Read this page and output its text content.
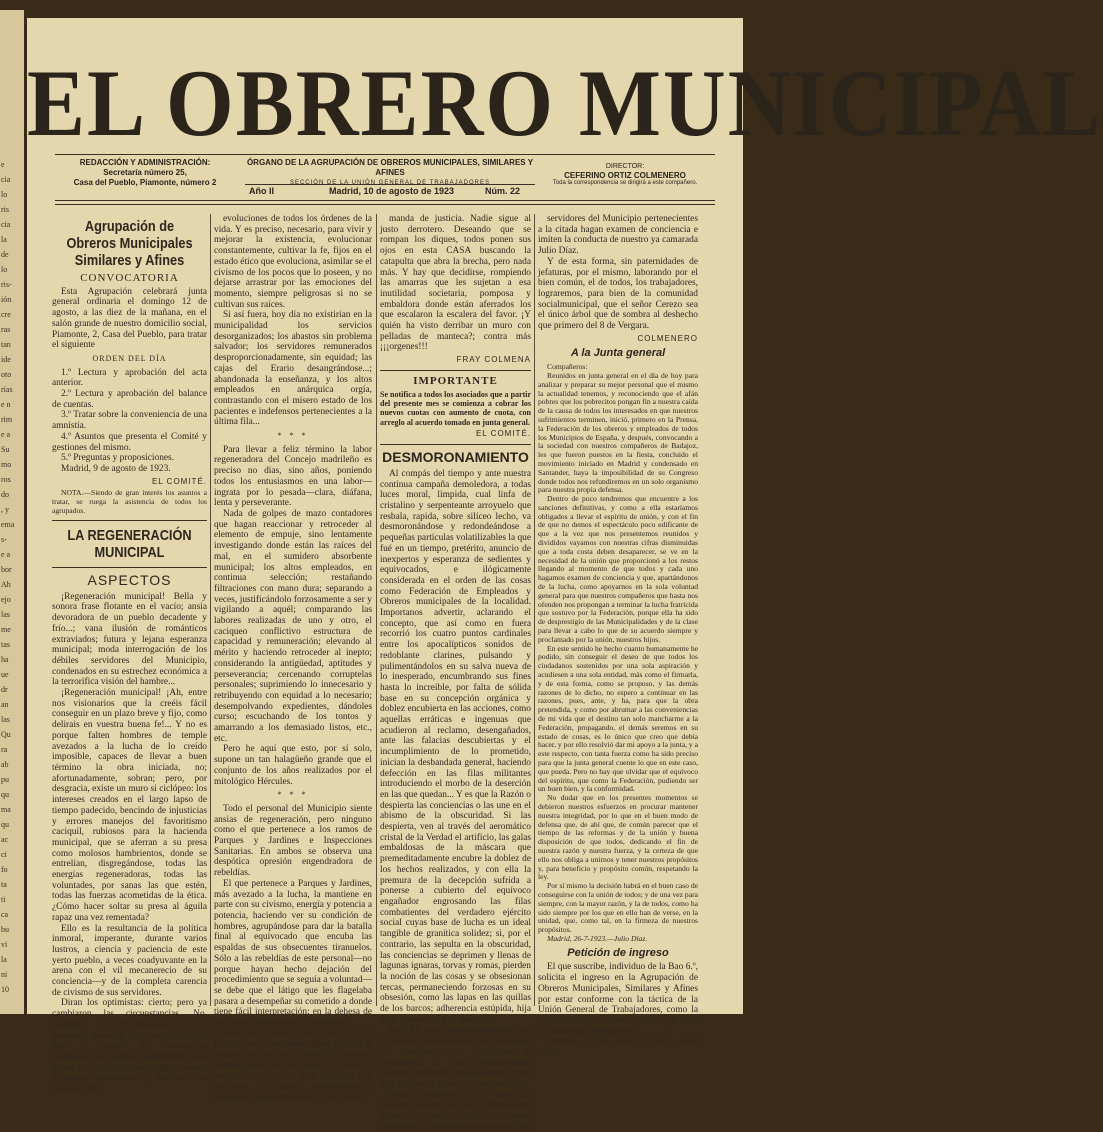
e
cia
lo
ris
cia
la
de
lo
ris-
ión
cre
ras
tan
ide
oto
rías
e n
rim
e a
Su
mo
ros
do
, y
ema
s-
e a
bor
Ah
ejo
las
me
tas
ha
ue
dr
an
las
Qu
ra
ab
pu
qu
ma
qu
ac
ci
fo
ta
ti
ca
bu
vi
la
ni
10
EL OBRERO MUNICIPAL
REDACCIÓN Y ADMINISTRACIÓN:
Secretaría número 25,
Casa del Pueblo, Piamonte, número 2
ÓRGANO DE LA AGRUPACIÓN DE OBREROS MUNICIPALES, SIMILARES Y AFINES
SECCIÓN DE LA UNIÓN GENERAL DE TRABAJADORES
DIRECTOR:
CEFERINO ORTIZ COLMENERO
Toda la correspondencia se dirigirá a este compañero.
Año II	Madrid, 10 de agosto de 1923	Núm. 22
Agrupación de Obreros Municipales Similares y Afines
CONVOCATORIA

Esta Agrupación celebrará junta general ordinaria el domingo 12 de agosto, a las diez de la mañana, en el salón grande de nuestro domicilio social, Piamonte, 2, Casa del Pueblo, para tratar el siguiente

ORDEN DEL DÍA

1.º Lectura y aprobación del acta anterior.

2.º Lectura y aprobación del balance de cuentas.

3.º Tratar sobre la conveniencia de una amnistía.

4.º Asuntos que presenta el Comité y gestiones del mismo.

5.º Preguntas y proposiciones.

Madrid, 9 de agosto de 1923.

EL COMITÉ.

NOTA.—Siendo de gran interés los asuntos a tratar, se ruega la asistencia de todos los agrupados.

LA REGENERACIÓN MUNICIPAL
ASPECTOS

¡Regeneración municipal! Bella y sonora frase flotante en el vacío; ansia devoradora de un pueblo decadente y frío...; vana ilusión de románticos extraviados; futura y lejana esperanza municipal; moda interrogación de los débiles servidores del Municipio, condenados en su estrechez económica a la terrorífica visión del hambre...

¡Regeneración municipal! ¡Ah, entre nos visionarios que la creéis fácil conseguir en un plazo breve y fijo, como delirais en vuestra buena fe!... Y no es porque falten hombres de temple avezados a la lucha de lo creído imposible, capaces de llevar a buen término la obra iniciada, no; afortunadamente, sobran; pero, por desgracia, existe un muro si ciclópeo: los intereses creados en el largo lapso de tiempo padecido, bencindo de injusticias y errores manejos del favoritismo caciquil, rubiosos para la hacienda municipal, que se aferran a su presa como molosos hambrientos, donde se entrelían, disgregándose, todas las energías regeneradoras, todas las voluntades, por sanas las que estén, todas las fuerzas acometidas de la ética. ¿Cómo hacer soltar su presa al águila rapaz una vez rementada?

Ello es la resultancia de la política inmoral, imperante, durante varios lustros, a ciencia y paciencia de este yerto pueblo, a veces coadyuvante en la arena con el vil mecanerecio de su conciencia—y de la completa carencia de civismo de sus servidores.

Diran los optimistas: cierto; pero ya cambiaron las circunstancias. No, queridos. Las circunstancias es un momento pasional histórico producido por el ansia de renovación; exteriorización pasiva, momentánea, que muere en flor: los hombres siguen siendo lo mismo: indiferentes y abúlicos. Son pocos en las

evoluciones de todos los órdenes de la vida. Y es preciso, necesario, para vivir y mejorar la existencia, evolucionar constantemente, cultivar la fe, fijos en el estado ético que evoluciona, asimilar se el civismo de los pocos que lo poseen, y no dejarse arrastrar por las emociones del momento, siempre peligrosas si no se cultivan sus raíces.

Si así fuera, hoy día no existirían en la municipalidad los servicios desorganizados; los abastos sin problema salvador; los servidores remunerados desproporcionadamente, sin equidad; las cajas del Erario desangrándose...; abandonada la enseñanza, y los altos empleados en anárquica orgía, contrastando con el mísero estado de los pacientes e indefensos pertenecientes a la última fila...

* * *

Para llevar a feliz término la labor regeneradora del Concejo madrileño es preciso no dias, sino años, poniendo todos los entusiasmos en una labor—ingrata por lo pesada—clara, diáfana, lenta y perseverante.

Nada de golpes de mazo contadores que hagan reaccionar y retroceder al elemento de empuje, sino lentamente investigando donde están las raíces del mal, en el sumidero absorbente municipal; los altos empleados, en continua selección; restañando filtraciones con mano dura; separando a veces, justificándolo forzosamente a ser y vigilando a aquél; comparando las labores realizadas de uno y otro, el caciqueo conflictivo estructura de capacidad y remuneración; elevando al mérito y haciendo retroceder al inepto; considerando la antigüedad, aptitudes y perseverancia; cercenando corruptelas personales; suprimiendo lo innecesario y retribuyendo con equidad a lo necesario; desempolvando expedientes, dándoles curso; escuchando de los tontos y amarrando a los demasiado listos, etc., etc.

Pero he aquí que esto, por sí solo, supone un tan halagüeño grande que el conjunto de los años realizados por el mitológico Hércules.

* * *

Todo el personal del Municipio siente ansias de regeneración, pero ninguno como el que pertenece a los ramos de Parques y Jardines e Inspecciones Sanitarias. En ambos se observa una despótica opresión engendradora de rebeldías.

El que pertenece a Parques y Jardines, más avezado a la lucha, la mantiene en parte con su civismo, energía y potencia a potencia, haciendo ver su condición de hombres, agrupándose para dar la batalla final al equivocado que encuba las espaldas de sus obsecuentes tiranuelos. Sólo a las rebeldías de este personal—no porque hayan hecho dejación del procedimiento que se seguía a voluntad—se debe que el látigo que les flagelaba pasara a desempeñar su cometido a donde tiene fácil interpretación: en la dehesa de las bestias de la selección zoológica.

Pero no ocurre así con el de Inspecciones Sanitarias, quien soporta la tiranía que se ejerce sobre él inaudito silencio que sus venganzas. Y esto es vergonzoso. Todo el está sabiendo con precisión y castigos, favoritismos y adulación; pero nadie alza la voz en de-

manda de justicia. Nadie sigue al justo derrotero. Deseando que se rompan los diques, todos ponen sus ojos en esta CASA buscando la catapulta que abra la brecha, pero nada más. Y hay que decidirse, rompiendo las amarras que les sujetan a esa inutilidad societaria, pomposa y embaldora donde están aferrados los que escalaron la escalera del favor. ¡Y quién ha visto derribar un muro con pelladas de manteca?; contra más ¡¡¡orgenes!!!

FRAY COLMENA
IMPORTANTE

Se notifica a todos los asociados que a partir del presente mes se comienza a cobrar los nuevos cuotas con aumento de cuota, con arreglo al acuerdo tomado en junta general.

EL COMITÉ.
DESMORONAMIENTO

Al compás del tiempo y ante nuestra continua campaña demoledora, a todas luces moral, limpida, cual linfa de cristalino y serpenteante arroyuelo que resbala, rapida, sobre silíceo lecho, va desmoronándose y redondeándose a pequeñas partículas volatilizables la que fué en un tiempo, pretérito, anuncio de inexpertos y esperanza de sedientes y equivocados, e ilógicamente considerada en el orden de las cosas como Federación de Empleados y Obreros municipales de la localidad. Importanos advertir, aclarando el concepto, que así como en fuera recorrió los cuatro puntos cardinales entre los apocalípticos sonidos de redoblante clarines, pulsando y pulimentándolos en su salva nueva de lo inesperado, encumbrando sus fines hasta lo increíble, por falta de sólida base en su concepción orgánica y doblez encubierta en las acciones, como aquellas erráticas e ingenuas que acudieron al reclamo, desengañados, ante las falacias descubiertas y el incumplimiento de lo prometido, inician la desbandada general, haciendo defección en las filas militantes introduciendo el morbo de la deserción en las que quedan... Y es que la Razón o despierta las conciencias o las une en el abismo de la obscuridad. Si las despierta, ven al través del aeromático cristal de la Verdad el artificio, las galas embaldosas de la máscara que premeditadamente encubre la doblez de los hechos realizados, y con ella la premura de la decepción sufrida a ponerse a cubierto del equívoco engañador engrosando las filas combatientes del verdadero ejército social cuyas base de lucha es un ideal tangible de granítica solidez; si, por el contrario, las sepulta en la obscuridad, las conciencias se deprimen y llenas de lagunas ignaras, torvas y romas, pierden la noción de las cosas y se obsesionan tercas, permaneciendo forzosas en su obsesión, como las lapas en las quillas de los barcos; adherencia estúpida, hija de la ignorancia y el despecho.

Pero he aquí, afortunadamente, que no es este último caso el que nos ocupa: las conciencias se despiertan, el documento al que anteriormente hacemos referencia más adelante, acusa una de ellas en prueba incontrovertible.

Dicho documento, tal y como se publica, ha sido leído en la última junta general celebrada por la ya ruinosa Federación. Celebraremos que todos los

servidores del Municipio pertenecientes a la citada hagan examen de conciencia e imiten la conducta de nuestro ya camarada Julio Díaz.

Y de esta forma, sin paternidades de jefaturas, por el mismo, laborando por el bien común, el de todos, los trabajadores, lograremos, para bien de la comunidad socialmunicipal, que el señor Cerezo sea el único árbol que de sombra al deshecho que primero del 8 de Vergara.

COLMENERO
A la Junta general

Compañeros:

Reunidos en junta general en el día de hoy para analizar y preparar su mejor personal que el mismo la actualidad tenemos, y reconociendo que el afán pobres que los pobrecitos pongan fin a nuestra caída de la causa de todos los interesados en que nuestros sufrimientos terminen, inició, primero en la Prensa, la Federación de los obreros y empleados de todos los Municipios de España, y después, convocando a la sociedad con nuestros compañeros de Badajoz, les que fueron puestos en la fiesta, concluido el movimiento iniciado en Madrid y condensado en Santander, haya la imposibilidad de su Congreso donde todos nos refundiremos en un solo organismo para nuestra propia defensa.

Dentro de poco tendremos que encuentre a los sanciones definitivas, y como a ella estaríamos obligados a llevar el espíritu de unión, y con el fin de que no demos el espectáculo poco edificante de que a la vez que nos presentemos reunidos y divididos vayamos con nuestras cifras disminuidas que a toda costa deben desaparecer, se ve en la necesidad de la unión que proporcionó a los restos llegando al momento de que todos y cada uno hagamos examen de conciencia y que, apartándonos de la lucha, como apoyarnos en la sola voluntad general para que nuestros compañeros que hasta nos ofenden nos propongan a terminar la lucha fratricida que sostuvo por la Federación, porque ella ha sido de desprestigio de las Municipalidades y de la clase para llevar a cabo lo que de su acuerdo siempre y proclamado por la unión, nuestros hijos.

En este sentido he hecho cuanto humanamente he podido, sin conseguir el deseo de que todos los ciudadanos sostenidos por una sola aspiración y acudiesen a una sola entidad, más como el firmarla, y de esta forma, como se propuso, y las demás razones de lo dicho, no espero a continuar en las razones, pues, ante, y ha, para que la obra pretendida, y como por abrumar a las conveniencias de mi vida que el destino tan solo mancharme a la Federación, propagando, el demás seremos en su estado de cosas, es lo único que creo que debía hacer, y por ello resolvió dar mi apoyo a la junta, y a este respecto, con tanta fuerza como ha sido preciso para que la junta general cuente lo que en este caso, que pueda. Pero no hay que olvidar que el equívoco del espíritu, que como la Federación, pudiendo ser un buen bien, y la conformidad.

No dudar que en los presentes momentos se debieron nuestros esfuerzos en procurar mantener nuestra integridad, por lo que en el buen modo de defensa que, de ahí que, de común parecer que el tiempo de las reformas y de la unión y buena disposición de que todos, dedicando el fin de nuestra razón y nuestra fuerza, y la certeza de que ello nos obliga a unirnos y tener nuestros propósitos y, para beneficio y propósito común, respetando la ley.

Por sí mismo la decisión habrá en el buen caso de conseguirse con la unión de todos; y de una vez para siempre, con la mayor razón, y la de todos, como ha sido siempre por los que en ello han de verse, en la unidad, que, como tal, en la firmeza de nuestros propósitos.

Madrid, 26-7-1923.—Julio Díaz.

Petición de ingreso

El que suscribe, individuo de la Bao 6.º, solicita el ingreso en la Agrupación de Obreros Municipales, Similares y Afines por estar conforme con la táctica de la Unión General de Trabajadores, como la organización de clase por la que esta afiliada dicha Agrupación.

Madrid, 1.º de julio de 1923.—Julio Díaz.
